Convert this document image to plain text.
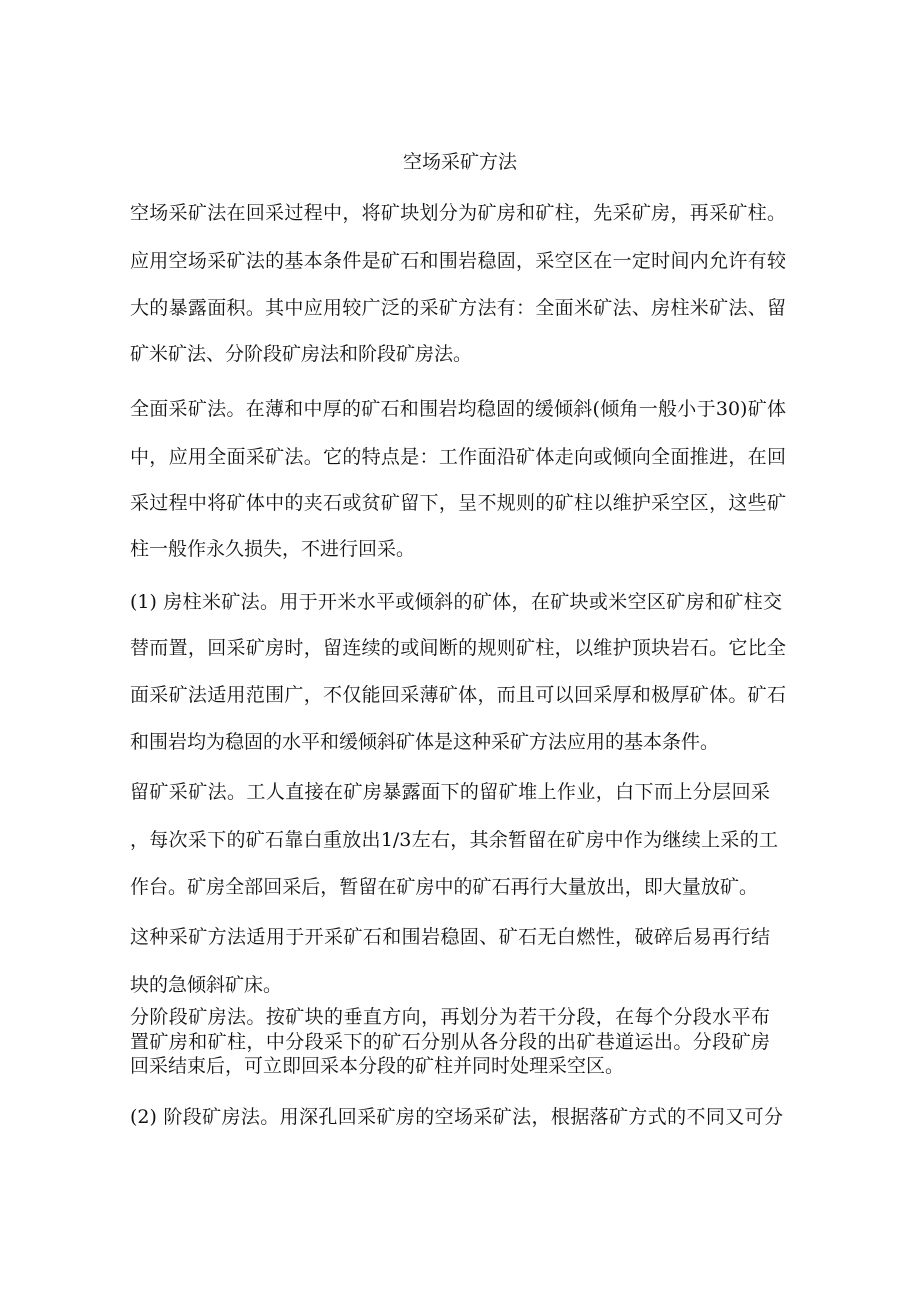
空场采矿方法
空场采矿法在回采过程中，将矿块划分为矿房和矿柱，先采矿房，再采矿柱。
应用空场采矿法的基本条件是矿石和围岩稳固，采空区在一定时间内允许有较
大的暴露面积。其中应用较广泛的采矿方法有：全面米矿法、房柱米矿法、留
矿米矿法、分阶段矿房法和阶段矿房法。
全面采矿法。在薄和中厚的矿石和围岩均稳固的缓倾斜(倾角一般小于30)矿体
中，应用全面采矿法。它的特点是：工作面沿矿体走向或倾向全面推进，在回
采过程中将矿体中的夹石或贫矿留下，呈不规则的矿柱以维护采空区，这些矿
柱一般作永久损失，不进行回采。
(1) 房柱米矿法。用于开米水平或倾斜的矿体，在矿块或米空区矿房和矿柱交
替而置，回采矿房时，留连续的或间断的规则矿柱，以维护顶块岩石。它比全
面采矿法适用范围广，不仅能回采薄矿体，而且可以回采厚和极厚矿体。矿石
和围岩均为稳固的水平和缓倾斜矿体是这种采矿方法应用的基本条件。
留矿采矿法。工人直接在矿房暴露面下的留矿堆上作业，白下而上分层回采
，每次采下的矿石靠白重放出1/3左右，其余暂留在矿房中作为继续上采的工
作台。矿房全部回采后，暂留在矿房中的矿石再行大量放出，即大量放矿。
这种采矿方法适用于开采矿石和围岩稳固、矿石无白燃性，破碎后易再行结
块的急倾斜矿床。
分阶段矿房法。按矿块的垂直方向，再划分为若干分段，在每个分段水平布
置矿房和矿柱，中分段采下的矿石分别从各分段的出矿巷道运出。分段矿房
回采结束后，可立即回采本分段的矿柱并同时处理采空区。
(2) 阶段矿房法。用深孔回采矿房的空场采矿法，根据落矿方式的不同又可分
